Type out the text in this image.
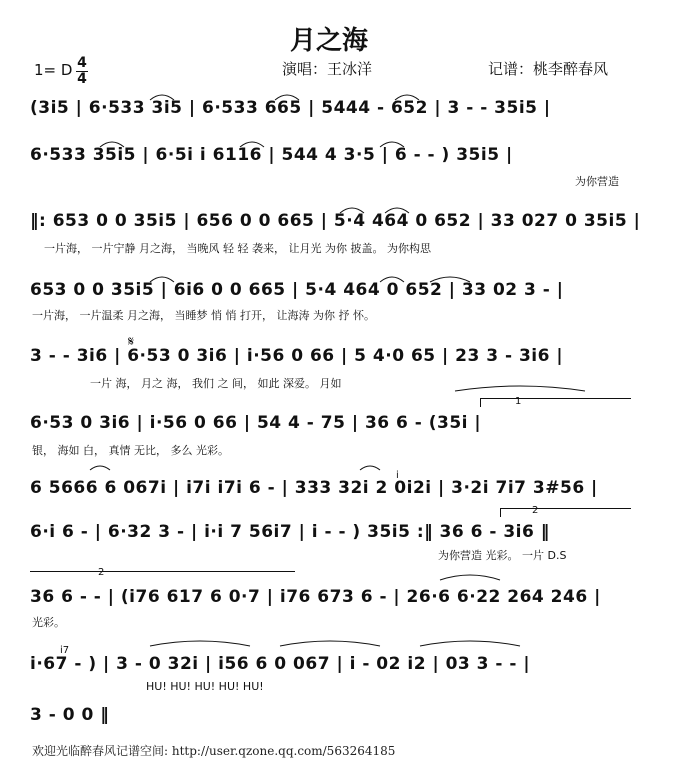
月之海
1= D 4
4
演唱：王冰洋	记谱：桃李醉春风
(3i5 | 6·533 3i5 | 6·533 665 | 5444 - 652 | 3 - - 35i5 |
6·533 35i5 | 6·5i i 6116 | 544 4 3·5 | 6 - - ) 35i5 |
为你营造
‖: 653 0 0 35i5 | 656 0 0 665 | 5·4 464 0 652 | 33 027 0 35i5 |
一片海， 一片宁静 月之海， 当晚风 轻 轻 袭来， 让月光 为你 披盖。 为你构思
653 0 0 35i5 | 6i6 0 0 665 | 5·4 464 0 652 | 33 02 3 - |
一片海， 一片温柔 月之海， 当睡梦 悄 悄 打开， 让海涛 为你 抒 怀。
3 - - 3i6 | 6·53 0 3i6 | i·56 0 66 | 5 4·0 65 | 23 3 - 3i6 |
一片 海， 月之 海， 我们 之 间， 如此 深爱。 月如
𝄋
6·53 0 3i6 | i·56 0 66 | 54 4 - 75 | 36 6 - (35i |
银， 海如 白， 真情 无比， 多么 光彩。
1
6 5666 6 067i | i7i i7i 6 - | 333 32i 2 0i2i | 3·2i 7i7 3#56 |
i
6·i 6 - | 6·32 3 - | i·i 7 56i7 | i - - ) 35i5 :‖ 36 6 - 3i6 ‖
为你营造 光彩。 一片 D.S
2
36 6 - - | (i76 617 6 0·7 | i76 673 6 - | 26·6 6·22 264 246 |
光彩。
2
i·67 - ) | 3 - 0 32i | i56 6 0 067 | i - 02 i2 | 03 3 - - |
HU! HU! HU! HU! HU!
i7
3 - 0 0 ‖
欢迎光临醉春风记谱空间: http://user.qzone.qq.com/563264185
